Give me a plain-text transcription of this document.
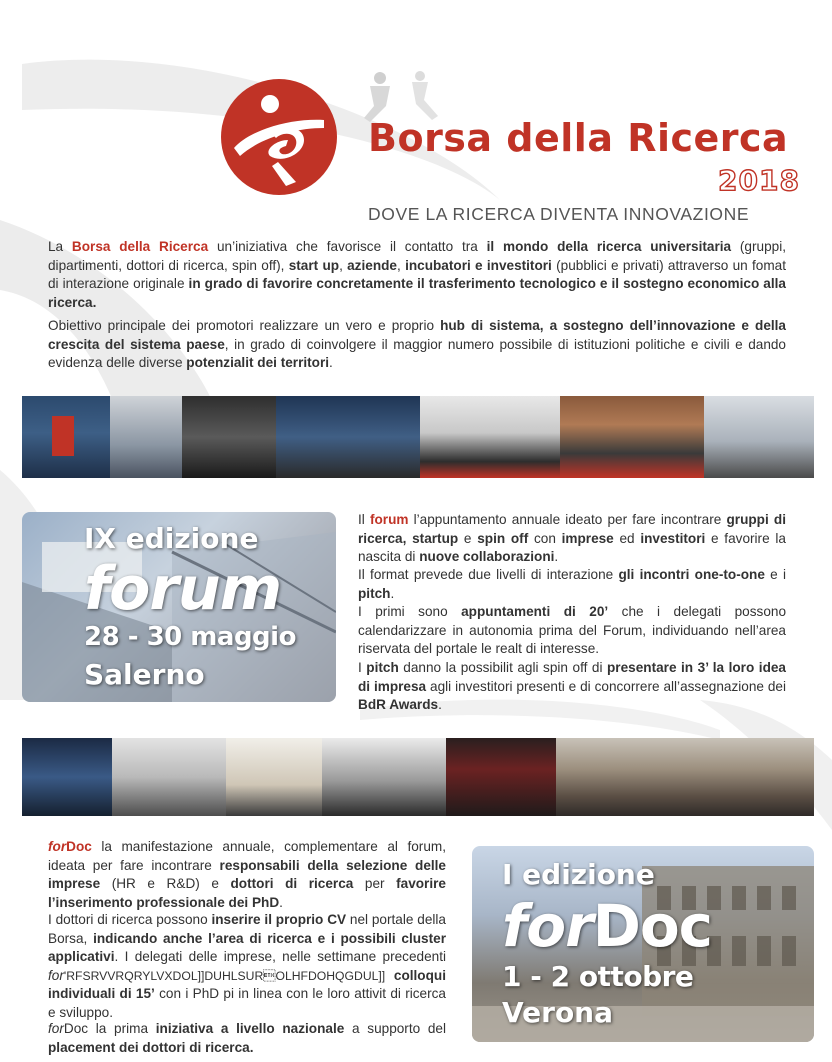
Borsa della Ricerca
2018
DOVE LA RICERCA DIVENTA INNOVAZIONE
La Borsa della Ricerca un’iniziativa che favorisce il contatto tra il mondo della ricerca universitaria (gruppi, dipartimenti, dottori di ricerca, spin off), start up, aziende, incubatori e investitori (pubblici e privati) attraverso un fomat di interazione originale in grado di favorire concretamente il trasferimento tecnologico e il sostegno economico alla ricerca.
Obiettivo principale dei promotori realizzare un vero e proprio hub di sistema, a sostegno dell’innovazione e della crescita del sistema paese, in grado di coinvolgere il maggior numero possibile di istituzioni politiche e civili e dando evidenza delle diverse potenzialit dei territori.
IX edizione
forum
28 - 30 maggio
Salerno
Il forum l’appuntamento annuale ideato per fare incontrare gruppi di ricerca, startup e spin off con imprese ed investitori e favorire la nascita di nuove collaborazioni.
Il format prevede due livelli di interazione gli incontri one-to-one e i pitch.
I primi sono appuntamenti di 20’ che i delegati possono calendarizzare in autonomia prima del Forum, individuando nell’area riservata del portale le realt di interesse.
I pitch danno la possibilit agli spin off di presentare in 3’ la loro idea di impresa agli investitori presenti e di concorrere all’assegnazione dei BdR Awards.
forDoc la manifestazione annuale, complementare al forum, ideata per fare incontrare responsabili della selezione delle imprese (HR e R&D) e dottori di ricerca per favorire l’inserimento professionale dei PhD.
I dottori di ricerca possono inserire il proprio CV nel portale della Borsa, indicando anche l’area di ricerca e i possibili cluster applicativi. I delegati delle imprese, nelle settimane precedenti for'RFSRVVRQRYLVXDOL]]DUHLSUROLHFDOHQGDUL]] colloqui individuali di 15’ con i PhD pi in linea con le loro attivit di ricerca e sviluppo.
forDoc la prima iniziativa a livello nazionale a supporto del placement dei dottori di ricerca.
I edizione
forDoc
1 - 2 ottobre
Verona
